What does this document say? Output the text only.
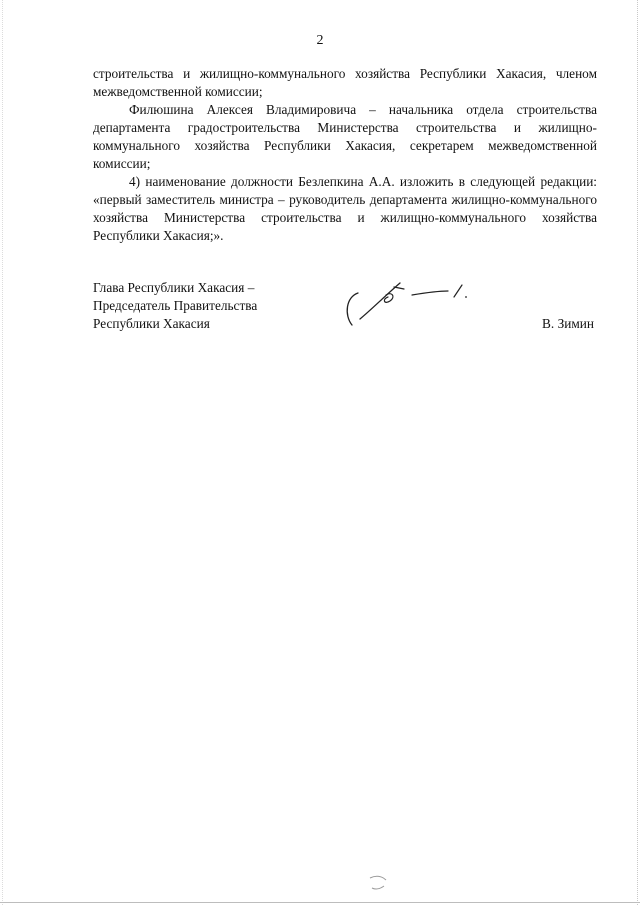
2

строительства и жилищно-коммунального хозяйства Республики Хакасия, членом межведомственной комиссии;

Филюшина Алексея Владимировича – начальника отдела строительства департамента градостроительства Министерства строительства и жилищно-коммунального хозяйства Республики Хакасия, секретарем межведомственной комиссии;

4) наименование должности Безлепкина А.А. изложить в следующей редакции: «первый заместитель министра – руководитель департамента жилищно-коммунального хозяйства Министерства строительства и жилищно-коммунального хозяйства Республики Хакасия;».

Глава Республики Хакасия –
Председатель Правительства
Республики Хакасия	В. Зимин
